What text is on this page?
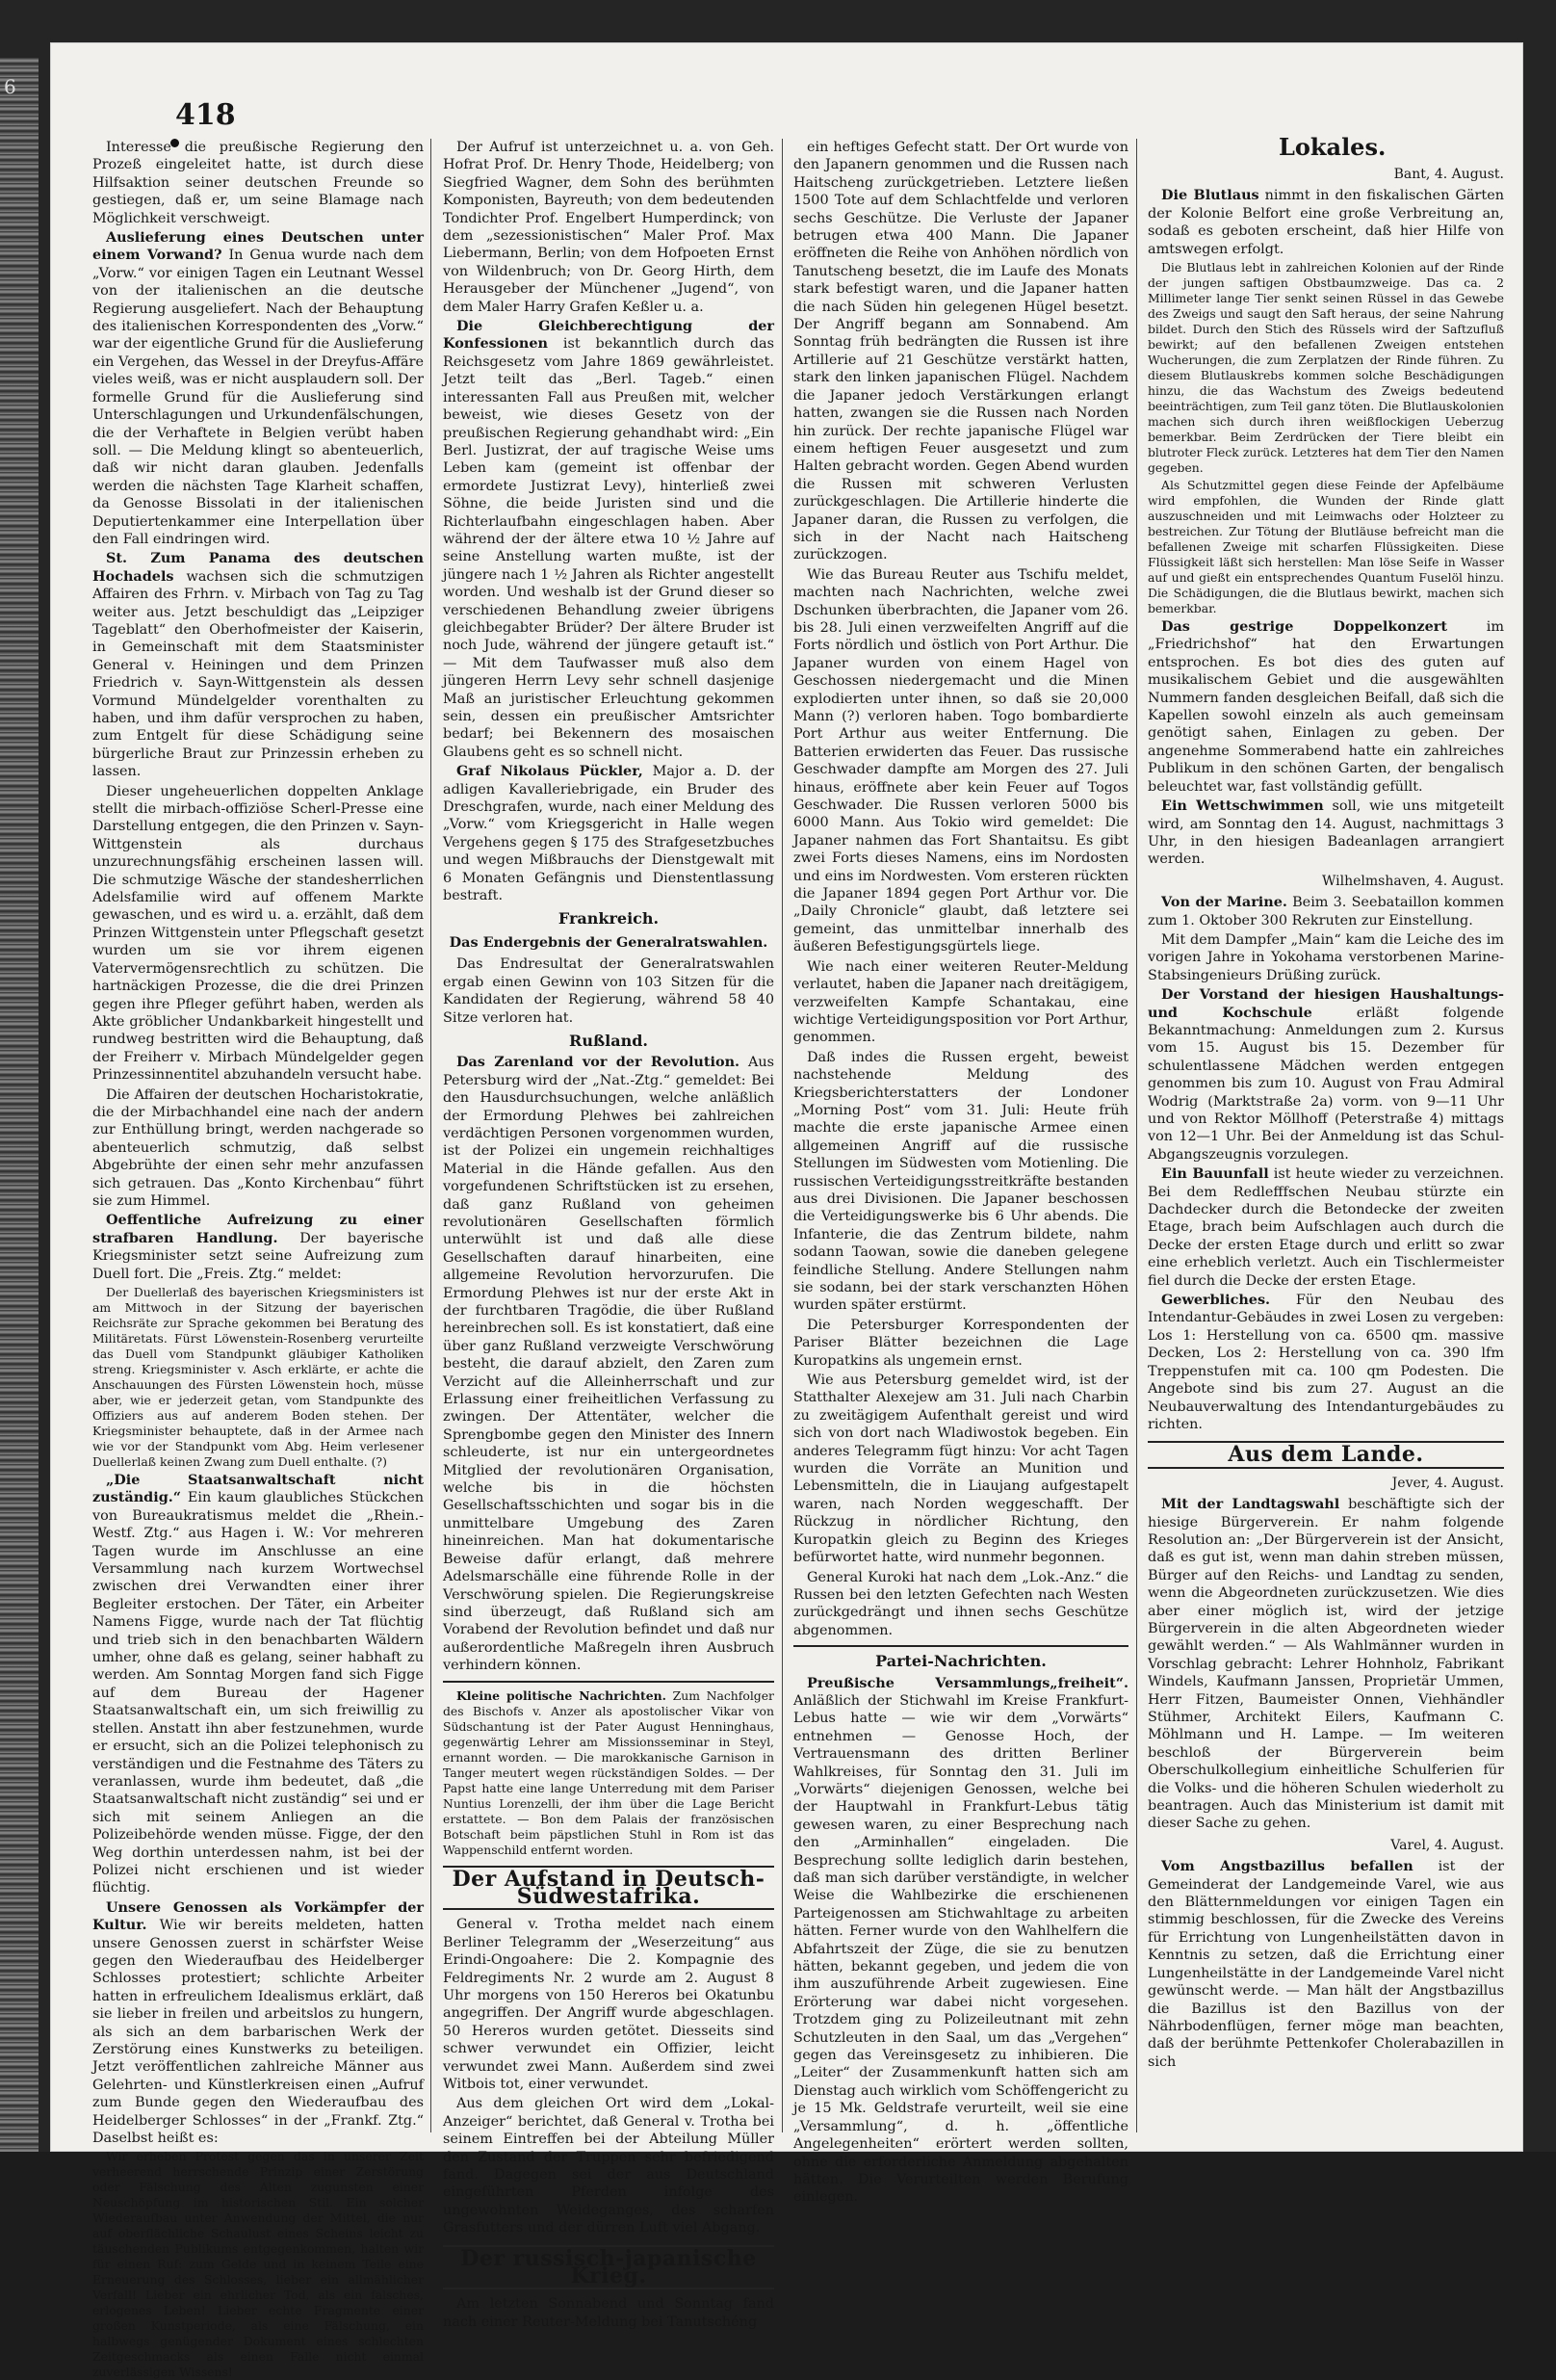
6
418

Interesse die preußische Regierung den Prozeß eingeleitet hatte, ist durch diese Hilfsaktion seiner deutschen Freunde so gestiegen, daß er, um seine Blamage nach Möglichkeit verschweigt.

Auslieferung eines Deutschen unter einem Vorwand? In Genua wurde nach dem „Vorw.“ vor einigen Tagen ein Leutnant Wessel von der italienischen an die deutsche Regierung ausgeliefert. Nach der Behauptung des italienischen Korrespondenten des „Vorw.“ war der eigentliche Grund für die Auslieferung ein Vergehen, das Wessel in der Dreyfus-Affäre vieles weiß, was er nicht ausplaudern soll. Der formelle Grund für die Auslieferung sind Unterschlagungen und Urkundenfälschungen, die der Verhaftete in Belgien verübt haben soll. — Die Meldung klingt so abenteuerlich, daß wir nicht daran glauben. Jedenfalls werden die nächsten Tage Klarheit schaffen, da Genosse Bissolati in der italienischen Deputiertenkammer eine Interpellation über den Fall eindringen wird.

St. Zum Panama des deutschen Hochadels wachsen sich die schmutzigen Affairen des Frhrn. v. Mirbach von Tag zu Tag weiter aus. Jetzt beschuldigt das „Leipziger Tageblatt“ den Oberhofmeister der Kaiserin, in Gemeinschaft mit dem Staatsminister General v. Heiningen und dem Prinzen Friedrich v. Sayn-Wittgenstein als dessen Vormund Mündelgelder vorenthalten zu haben, und ihm dafür versprochen zu haben, zum Entgelt für diese Schädigung seine bürgerliche Braut zur Prinzessin erheben zu lassen.

Dieser ungeheuerlichen doppelten Anklage stellt die mirbach-offiziöse Scherl-Presse eine Darstellung entgegen, die den Prinzen v. Sayn-Wittgenstein als durchaus unzurechnungsfähig erscheinen lassen will. Die schmutzige Wäsche der standesherrlichen Adelsfamilie wird auf offenem Markte gewaschen, und es wird u. a. erzählt, daß dem Prinzen Wittgenstein unter Pflegschaft gesetzt wurden um sie vor ihrem eigenen Vatervermögensrechtlich zu schützen. Die hartnäckigen Prozesse, die die drei Prinzen gegen ihre Pfleger geführt haben, werden als Akte gröblicher Undankbarkeit hingestellt und rundweg bestritten wird die Behauptung, daß der Freiherr v. Mirbach Mündelgelder gegen Prinzessinnentitel abzuhandeln versucht habe.

Die Affairen der deutschen Hocharistokratie, die der Mirbachhandel eine nach der andern zur Enthüllung bringt, werden nachgerade so abenteuerlich schmutzig, daß selbst Abgebrühte der einen sehr mehr anzufassen sich getrauen. Das „Konto Kirchenbau“ führt sie zum Himmel.

Oeffentliche Aufreizung zu einer strafbaren Handlung. Der bayerische Kriegsminister setzt seine Aufreizung zum Duell fort. Die „Freis. Ztg.“ meldet:

Der Duellerlaß des bayerischen Kriegsministers ist am Mittwoch in der Sitzung der bayerischen Reichsräte zur Sprache gekommen bei Beratung des Militäretats. Fürst Löwenstein-Rosenberg verurteilte das Duell vom Standpunkt gläubiger Katholiken streng. Kriegsminister v. Asch erklärte, er achte die Anschauungen des Fürsten Löwenstein hoch, müsse aber, wie er jederzeit getan, vom Standpunkte des Offiziers aus auf anderem Boden stehen. Der Kriegsminister behauptete, daß in der Armee nach wie vor der Standpunkt vom Abg. Heim verlesener Duellerlaß keinen Zwang zum Duell enthalte. (?)

„Die Staatsanwaltschaft nicht zuständig.“ Ein kaum glaubliches Stückchen von Bureaukratismus meldet die „Rhein.-Westf. Ztg.“ aus Hagen i. W.: Vor mehreren Tagen wurde im Anschlusse an eine Versammlung nach kurzem Wortwechsel zwischen drei Verwandten einer ihrer Begleiter erstochen. Der Täter, ein Arbeiter Namens Figge, wurde nach der Tat flüchtig und trieb sich in den benachbarten Wäldern umher, ohne daß es gelang, seiner habhaft zu werden. Am Sonntag Morgen fand sich Figge auf dem Bureau der Hagener Staatsanwaltschaft ein, um sich freiwillig zu stellen. Anstatt ihn aber festzunehmen, wurde er ersucht, sich an die Polizei telephonisch zu verständigen und die Festnahme des Täters zu veranlassen, wurde ihm bedeutet, daß „die Staatsanwaltschaft nicht zuständig“ sei und er sich mit seinem Anliegen an die Polizeibehörde wenden müsse. Figge, der den Weg dorthin unterdessen nahm, ist bei der Polizei nicht erschienen und ist wieder flüchtig.

Unsere Genossen als Vorkämpfer der Kultur. Wie wir bereits meldeten, hatten unsere Genossen zuerst in schärfster Weise gegen den Wiederaufbau des Heidelberger Schlosses protestiert; schlichte Arbeiter hatten in erfreulichem Idealismus erklärt, daß sie lieber in freilen und arbeitslos zu hungern, als sich an dem barbarischen Werk der Zerstörung eines Kunstwerks zu beteiligen. Jetzt veröffentlichen zahlreiche Männer aus Gelehrten- und Künstlerkreisen einen „Aufruf zum Bunde gegen den Wiederaufbau des Heidelberger Schlosses“ in der „Frankf. Ztg.“ Daselbst heißt es:

Wir erheben Protest gegen das in unserer Zeit verheerend herrschende Prinzip einer Zerstörung oder Fälschung des Alten zugunsten einer Neuschöpfung im historischen Stil. Ein solcher Wiederaufbau unter Anwendung der Mittel, die nur auf oberflächliche Schaulust eines Scheins leicht zu täuschenden Publikums entgegenkommen, halten wir für einen Ruf: zum Gelde und in keinem Teile eine Erneuerung des Schlosses, lieber ein allmählicher Verfall! Lieber ein ehrlicher Tod, als ein falsches, erlogenes Leben! Lieber echte Fragmente einer großen Kunstperiode, als eine Fälschung, ein halbwegs genügender Dokument eines schlechten Zeitgeschmacks als einen Falle nicht einmal zuverlässigen Wissens!

Der Aufruf ist unterzeichnet u. a. von Geh. Hofrat Prof. Dr. Henry Thode, Heidelberg; von Siegfried Wagner, dem Sohn des berühmten Komponisten, Bayreuth; von dem bedeutenden Tondichter Prof. Engelbert Humperdinck; von dem „sezessionistischen“ Maler Prof. Max Liebermann, Berlin; von dem Hofpoeten Ernst von Wildenbruch; von Dr. Georg Hirth, dem Herausgeber der Münchener „Jugend“, von dem Maler Harry Grafen Keßler u. a.

Die Gleichberechtigung der Konfessionen ist bekanntlich durch das Reichsgesetz vom Jahre 1869 gewährleistet. Jetzt teilt das „Berl. Tageb.“ einen interessanten Fall aus Preußen mit, welcher beweist, wie dieses Gesetz von der preußischen Regierung gehandhabt wird: „Ein Berl. Justizrat, der auf tragische Weise ums Leben kam (gemeint ist offenbar der ermordete Justizrat Levy), hinterließ zwei Söhne, die beide Juristen sind und die Richterlaufbahn eingeschlagen haben. Aber während der der ältere etwa 10 ½ Jahre auf seine Anstellung warten mußte, ist der jüngere nach 1 ½ Jahren als Richter angestellt worden. Und weshalb ist der Grund dieser so verschiedenen Behandlung zweier übrigens gleichbegabter Brüder? Der ältere Bruder ist noch Jude, während der jüngere getauft ist.“ — Mit dem Taufwasser muß also dem jüngeren Herrn Levy sehr schnell dasjenige Maß an juristischer Erleuchtung gekommen sein, dessen ein preußischer Amtsrichter bedarf; bei Bekennern des mosaischen Glaubens geht es so schnell nicht.

Graf Nikolaus Pückler, Major a. D. der adligen Kavalleriebrigade, ein Bruder des Dreschgrafen, wurde, nach einer Meldung des „Vorw.“ vom Kriegsgericht in Halle wegen Vergehens gegen § 175 des Strafgesetzbuches und wegen Mißbrauchs der Dienstgewalt mit 6 Monaten Gefängnis und Dienstentlassung bestraft.

Frankreich.
Das Endergebnis der Generalratswahlen.

Das Endresultat der Generalratswahlen ergab einen Gewinn von 103 Sitzen für die Kandidaten der Regierung, während 58 40 Sitze verloren hat.

Rußland.

Das Zarenland vor der Revolution. Aus Petersburg wird der „Nat.-Ztg.“ gemeldet: Bei den Hausdurchsuchungen, welche anläßlich der Ermordung Plehwes bei zahlreichen verdächtigen Personen vorgenommen wurden, ist der Polizei ein ungemein reichhaltiges Material in die Hände gefallen. Aus den vorgefundenen Schriftstücken ist zu ersehen, daß ganz Rußland von geheimen revolutionären Gesellschaften förmlich unterwühlt ist und daß alle diese Gesellschaften darauf hinarbeiten, eine allgemeine Revolution hervorzurufen. Die Ermordung Plehwes ist nur der erste Akt in der furchtbaren Tragödie, die über Rußland hereinbrechen soll. Es ist konstatiert, daß eine über ganz Rußland verzweigte Verschwörung besteht, die darauf abzielt, den Zaren zum Verzicht auf die Alleinherrschaft und zur Erlassung einer freiheitlichen Verfassung zu zwingen. Der Attentäter, welcher die Sprengbombe gegen den Minister des Innern schleuderte, ist nur ein untergeordnetes Mitglied der revolutionären Organisation, welche bis in die höchsten Gesellschaftsschichten und sogar bis in die unmittelbare Umgebung des Zaren hineinreichen. Man hat dokumentarische Beweise dafür erlangt, daß mehrere Adelsmarschälle eine führende Rolle in der Verschwörung spielen. Die Regierungskreise sind überzeugt, daß Rußland sich am Vorabend der Revolution befindet und daß nur außerordentliche Maßregeln ihren Ausbruch verhindern können.

Kleine politische Nachrichten. Zum Nachfolger des Bischofs v. Anzer als apostolischer Vikar von Südschantung ist der Pater August Henninghaus, gegenwärtig Lehrer am Missionsseminar in Steyl, ernannt worden. — Die marokkanische Garnison in Tanger meutert wegen rückständigen Soldes. — Der Papst hatte eine lange Unterredung mit dem Pariser Nuntius Lorenzelli, der ihm über die Lage Bericht erstattete. — Bon dem Palais der französischen Botschaft beim päpstlichen Stuhl in Rom ist das Wappenschild entfernt worden.

Der Aufstand in Deutsch-Südwestafrika.

General v. Trotha meldet nach einem Berliner Telegramm der „Weserzeitung“ aus Erindi-Ongoahere: Die 2. Kompagnie des Feldregiments Nr. 2 wurde am 2. August 8 Uhr morgens von 150 Hereros bei Okatunbu angegriffen. Der Angriff wurde abgeschlagen. 50 Hereros wurden getötet. Diesseits sind schwer verwundet ein Offizier, leicht verwundet zwei Mann. Außerdem sind zwei Witbois tot, einer verwundet.

Aus dem gleichen Ort wird dem „Lokal-Anzeiger“ berichtet, daß General v. Trotha bei seinem Eintreffen bei der Abteilung Müller den Zustand der Truppen sehr befriedigend fand. Dagegen sei der aus Deutschland eingeführten Pferden infolge des ungewohnten Weideganges, des scharfen Grasfutters und der dürren Luft viel Abgang.

Der russisch-japanische Krieg.

Am letzten Sonnabend und Sonntag fand nach einer Reuter-Meldung bei Tanutschéng

ein heftiges Gefecht statt. Der Ort wurde von den Japanern genommen und die Russen nach Haitscheng zurückgetrieben. Letztere ließen 1500 Tote auf dem Schlachtfelde und verloren sechs Geschütze. Die Verluste der Japaner betrugen etwa 400 Mann. Die Japaner eröffneten die Reihe von Anhöhen nördlich von Tanutscheng besetzt, die im Laufe des Monats stark befestigt waren, und die Japaner hatten die nach Süden hin gelegenen Hügel besetzt. Der Angriff begann am Sonnabend. Am Sonntag früh bedrängten die Russen ist ihre Artillerie auf 21 Geschütze verstärkt hatten, stark den linken japanischen Flügel. Nachdem die Japaner jedoch Verstärkungen erlangt hatten, zwangen sie die Russen nach Norden hin zurück. Der rechte japanische Flügel war einem heftigen Feuer ausgesetzt und zum Halten gebracht worden. Gegen Abend wurden die Russen mit schweren Verlusten zurückgeschlagen. Die Artillerie hinderte die Japaner daran, die Russen zu verfolgen, die sich in der Nacht nach Haitscheng zurückzogen.

Wie das Bureau Reuter aus Tschifu meldet, machten nach Nachrichten, welche zwei Dschunken überbrachten, die Japaner vom 26. bis 28. Juli einen verzweifelten Angriff auf die Forts nördlich und östlich von Port Arthur. Die Japaner wurden von einem Hagel von Geschossen niedergemacht und die Minen explodierten unter ihnen, so daß sie 20,000 Mann (?) verloren haben. Togo bombardierte Port Arthur aus weiter Entfernung. Die Batterien erwiderten das Feuer. Das russische Geschwader dampfte am Morgen des 27. Juli hinaus, eröffnete aber kein Feuer auf Togos Geschwader. Die Russen verloren 5000 bis 6000 Mann. Aus Tokio wird gemeldet: Die Japaner nahmen das Fort Shantaitsu. Es gibt zwei Forts dieses Namens, eins im Nordosten und eins im Nordwesten. Vom ersteren rückten die Japaner 1894 gegen Port Arthur vor. Die „Daily Chronicle“ glaubt, daß letztere sei gemeint, das unmittelbar innerhalb des äußeren Befestigungsgürtels liege.

Wie nach einer weiteren Reuter-Meldung verlautet, haben die Japaner nach dreitägigem, verzweifelten Kampfe Schantakau, eine wichtige Verteidigungsposition vor Port Arthur, genommen.

Daß indes die Russen ergeht, beweist nachstehende Meldung des Kriegsberichterstatters der Londoner „Morning Post“ vom 31. Juli: Heute früh machte die erste japanische Armee einen allgemeinen Angriff auf die russische Stellungen im Südwesten vom Motienling. Die russischen Verteidigungsstreitkräfte bestanden aus drei Divisionen. Die Japaner beschossen die Verteidigungswerke bis 6 Uhr abends. Die Infanterie, die das Zentrum bildete, nahm sodann Taowan, sowie die daneben gelegene feindliche Stellung. Andere Stellungen nahm sie sodann, bei der stark verschanzten Höhen wurden später erstürmt.

Die Petersburger Korrespondenten der Pariser Blätter bezeichnen die Lage Kuropatkins als ungemein ernst.

Wie aus Petersburg gemeldet wird, ist der Statthalter Alexejew am 31. Juli nach Charbin zu zweitägigem Aufenthalt gereist und wird sich von dort nach Wladiwostok begeben. Ein anderes Telegramm fügt hinzu: Vor acht Tagen wurden die Vorräte an Munition und Lebensmitteln, die in Liaujang aufgestapelt waren, nach Norden weggeschafft. Der Rückzug in nördlicher Richtung, den Kuropatkin gleich zu Beginn des Krieges befürwortet hatte, wird nunmehr begonnen.

General Kuroki hat nach dem „Lok.-Anz.“ die Russen bei den letzten Gefechten nach Westen zurückgedrängt und ihnen sechs Geschütze abgenommen.

Partei-Nachrichten.

Preußische Versammlungs„freiheit“. Anläßlich der Stichwahl im Kreise Frankfurt-Lebus hatte — wie wir dem „Vorwärts“ entnehmen — Genosse Hoch, der Vertrauensmann des dritten Berliner Wahlkreises, für Sonntag den 31. Juli im „Vorwärts“ diejenigen Genossen, welche bei der Hauptwahl in Frankfurt-Lebus tätig gewesen waren, zu einer Besprechung nach den „Arminhallen“ eingeladen. Die Besprechung sollte lediglich darin bestehen, daß man sich darüber verständigte, in welcher Weise die Wahlbezirke die erschienenen Parteigenossen am Stichwahltage zu arbeiten hätten. Ferner wurde von den Wahlhelfern die Abfahrtszeit der Züge, die sie zu benutzen hätten, bekannt gegeben, und jedem die von ihm auszuführende Arbeit zugewiesen. Eine Erörterung war dabei nicht vorgesehen. Trotzdem ging zu Polizeileutnant mit zehn Schutzleuten in den Saal, um das „Vergehen“ gegen das Vereinsgesetz zu inhibieren. Die „Leiter“ der Zusammenkunft hatten sich am Dienstag auch wirklich vom Schöffengericht zu je 15 Mk. Geldstrafe verurteilt, weil sie eine „Versammlung“, d. h. „öffentliche Angelegenheiten“ erörtert werden sollten, ohne die erforderliche Anmeldung abgehalten hätten. Die Verurteilten werden Berufung einlegen.

Lokales.
Bant, 4. August.

Die Blutlaus nimmt in den fiskalischen Gärten der Kolonie Belfort eine große Verbreitung an, sodaß es geboten erscheint, daß hier Hilfe von amtswegen erfolgt.

Die Blutlaus lebt in zahlreichen Kolonien auf der Rinde der jungen saftigen Obstbaumzweige. Das ca. 2 Millimeter lange Tier senkt seinen Rüssel in das Gewebe des Zweigs und saugt den Saft heraus, der seine Nahrung bildet. Durch den Stich des Rüssels wird der Saftzufluß bewirkt; auf den befallenen Zweigen entstehen Wucherungen, die zum Zerplatzen der Rinde führen. Zu diesem Blutlauskrebs kommen solche Beschädigungen hinzu, die das Wachstum des Zweigs bedeutend beeinträchtigen, zum Teil ganz töten. Die Blutlauskolonien machen sich durch ihren weißflockigen Ueberzug bemerkbar. Beim Zerdrücken der Tiere bleibt ein blutroter Fleck zurück. Letzteres hat dem Tier den Namen gegeben.

Als Schutzmittel gegen diese Feinde der Apfelbäume wird empfohlen, die Wunden der Rinde glatt auszuschneiden und mit Leimwachs oder Holzteer zu bestreichen. Zur Tötung der Blutläuse befreicht man die befallenen Zweige mit scharfen Flüssigkeiten. Diese Flüssigkeit läßt sich herstellen: Man löse Seife in Wasser auf und gießt ein entsprechendes Quantum Fuselöl hinzu. Die Schädigungen, die die Blutlaus bewirkt, machen sich bemerkbar.

Das gestrige Doppelkonzert	im „Friedrichshof“ hat den Erwartungen entsprochen. Es bot dies des guten auf musikalischem Gebiet und die ausgewählten Nummern fanden desgleichen Beifall, daß sich die Kapellen sowohl einzeln als auch gemeinsam genötigt sahen, Einlagen zu geben. Der angenehme Sommerabend hatte ein zahlreiches Publikum in den schönen Garten, der bengalisch beleuchtet war, fast vollständig gefüllt.

Ein Wettschwimmen soll, wie uns mitgeteilt wird, am Sonntag den 14. August, nachmittags 3 Uhr, in den hiesigen Badeanlagen arrangiert werden.

Wilhelmshaven, 4. August.

Von der Marine. Beim 3. Seebataillon kommen zum 1. Oktober 300 Rekruten zur Einstellung.

Mit dem Dampfer „Main“ kam die Leiche des im vorigen Jahre in Yokohama verstorbenen Marine-Stabsingenieurs Drüßing zurück.

Der Vorstand der hiesigen Haushaltungs- und Kochschule	erläßt folgende Bekanntmachung: Anmeldungen zum 2. Kursus vom 15. August bis 15. Dezember für schulentlassene Mädchen werden entgegen genommen bis zum 10. August von Frau Admiral Wodrig (Marktstraße 2a) vorm. von 9—11 Uhr und von Rektor Möllhoff (Peterstraße 4) mittags von 12—1 Uhr. Bei der Anmeldung ist das Schul-Abgangszeugnis vorzulegen.

Ein Bauunfall ist heute wieder zu verzeichnen. Bei dem Redlefffschen Neubau stürzte ein Dachdecker durch die Betondecke der zweiten Etage, brach beim Aufschlagen auch durch die Decke der ersten Etage durch und erlitt so zwar eine erheblich verletzt. Auch ein Tischlermeister fiel durch die Decke der ersten Etage.

Gewerbliches. Für den Neubau des Intendantur-Gebäudes in zwei Losen zu vergeben: Los 1: Herstellung von ca. 6500 qm. massive Decken, Los 2: Herstellung von ca. 390 lfm Treppenstufen mit ca. 100 qm Podesten. Die Angebote sind bis zum 27. August an die Neubauverwaltung des Intendanturgebäudes zu richten.

Aus dem Lande.
Jever, 4. August.

Mit der Landtagswahl beschäftigte sich der hiesige Bürgerverein. Er nahm folgende Resolution an: „Der Bürgerverein ist der Ansicht, daß es gut ist, wenn man dahin streben müssen, Bürger auf den Reichs- und Landtag zu senden, wenn die Abgeordneten zurückzusetzen. Wie dies aber einer möglich ist, wird der jetzige Bürgerverein in die alten Abgeordneten wieder gewählt werden.“ — Als Wahlmänner wurden in Vorschlag gebracht: Lehrer Hohnholz, Fabrikant Windels, Kaufmann Janssen, Proprietär Ummen, Herr Fitzen, Baumeister Onnen, Viehhändler Stühmer, Architekt Eilers, Kaufmann C. Möhlmann und H. Lampe. — Im weiteren beschloß der Bürgerverein beim Oberschulkollegium einheitliche Schulferien für die Volks- und die höheren Schulen wiederholt zu beantragen. Auch das Ministerium ist damit mit dieser Sache zu gehen.

Varel, 4. August.

Vom Angstbazillus befallen ist der Gemeinderat der Landgemeinde Varel, wie aus den Blätternmeldungen vor einigen Tagen ein stimmig beschlossen, für die Zwecke des Vereins für Errichtung von Lungenheilstätten davon in Kenntnis zu setzen, daß die Errichtung einer Lungenheilstätte in der Landgemeinde Varel nicht gewünscht werde. — Man hält der Angstbazillus die Bazillus ist den Bazillus von der Nährbodenflügen, ferner möge man beachten, daß der berühmte Pettenkofer Cholerabazillen in sich
